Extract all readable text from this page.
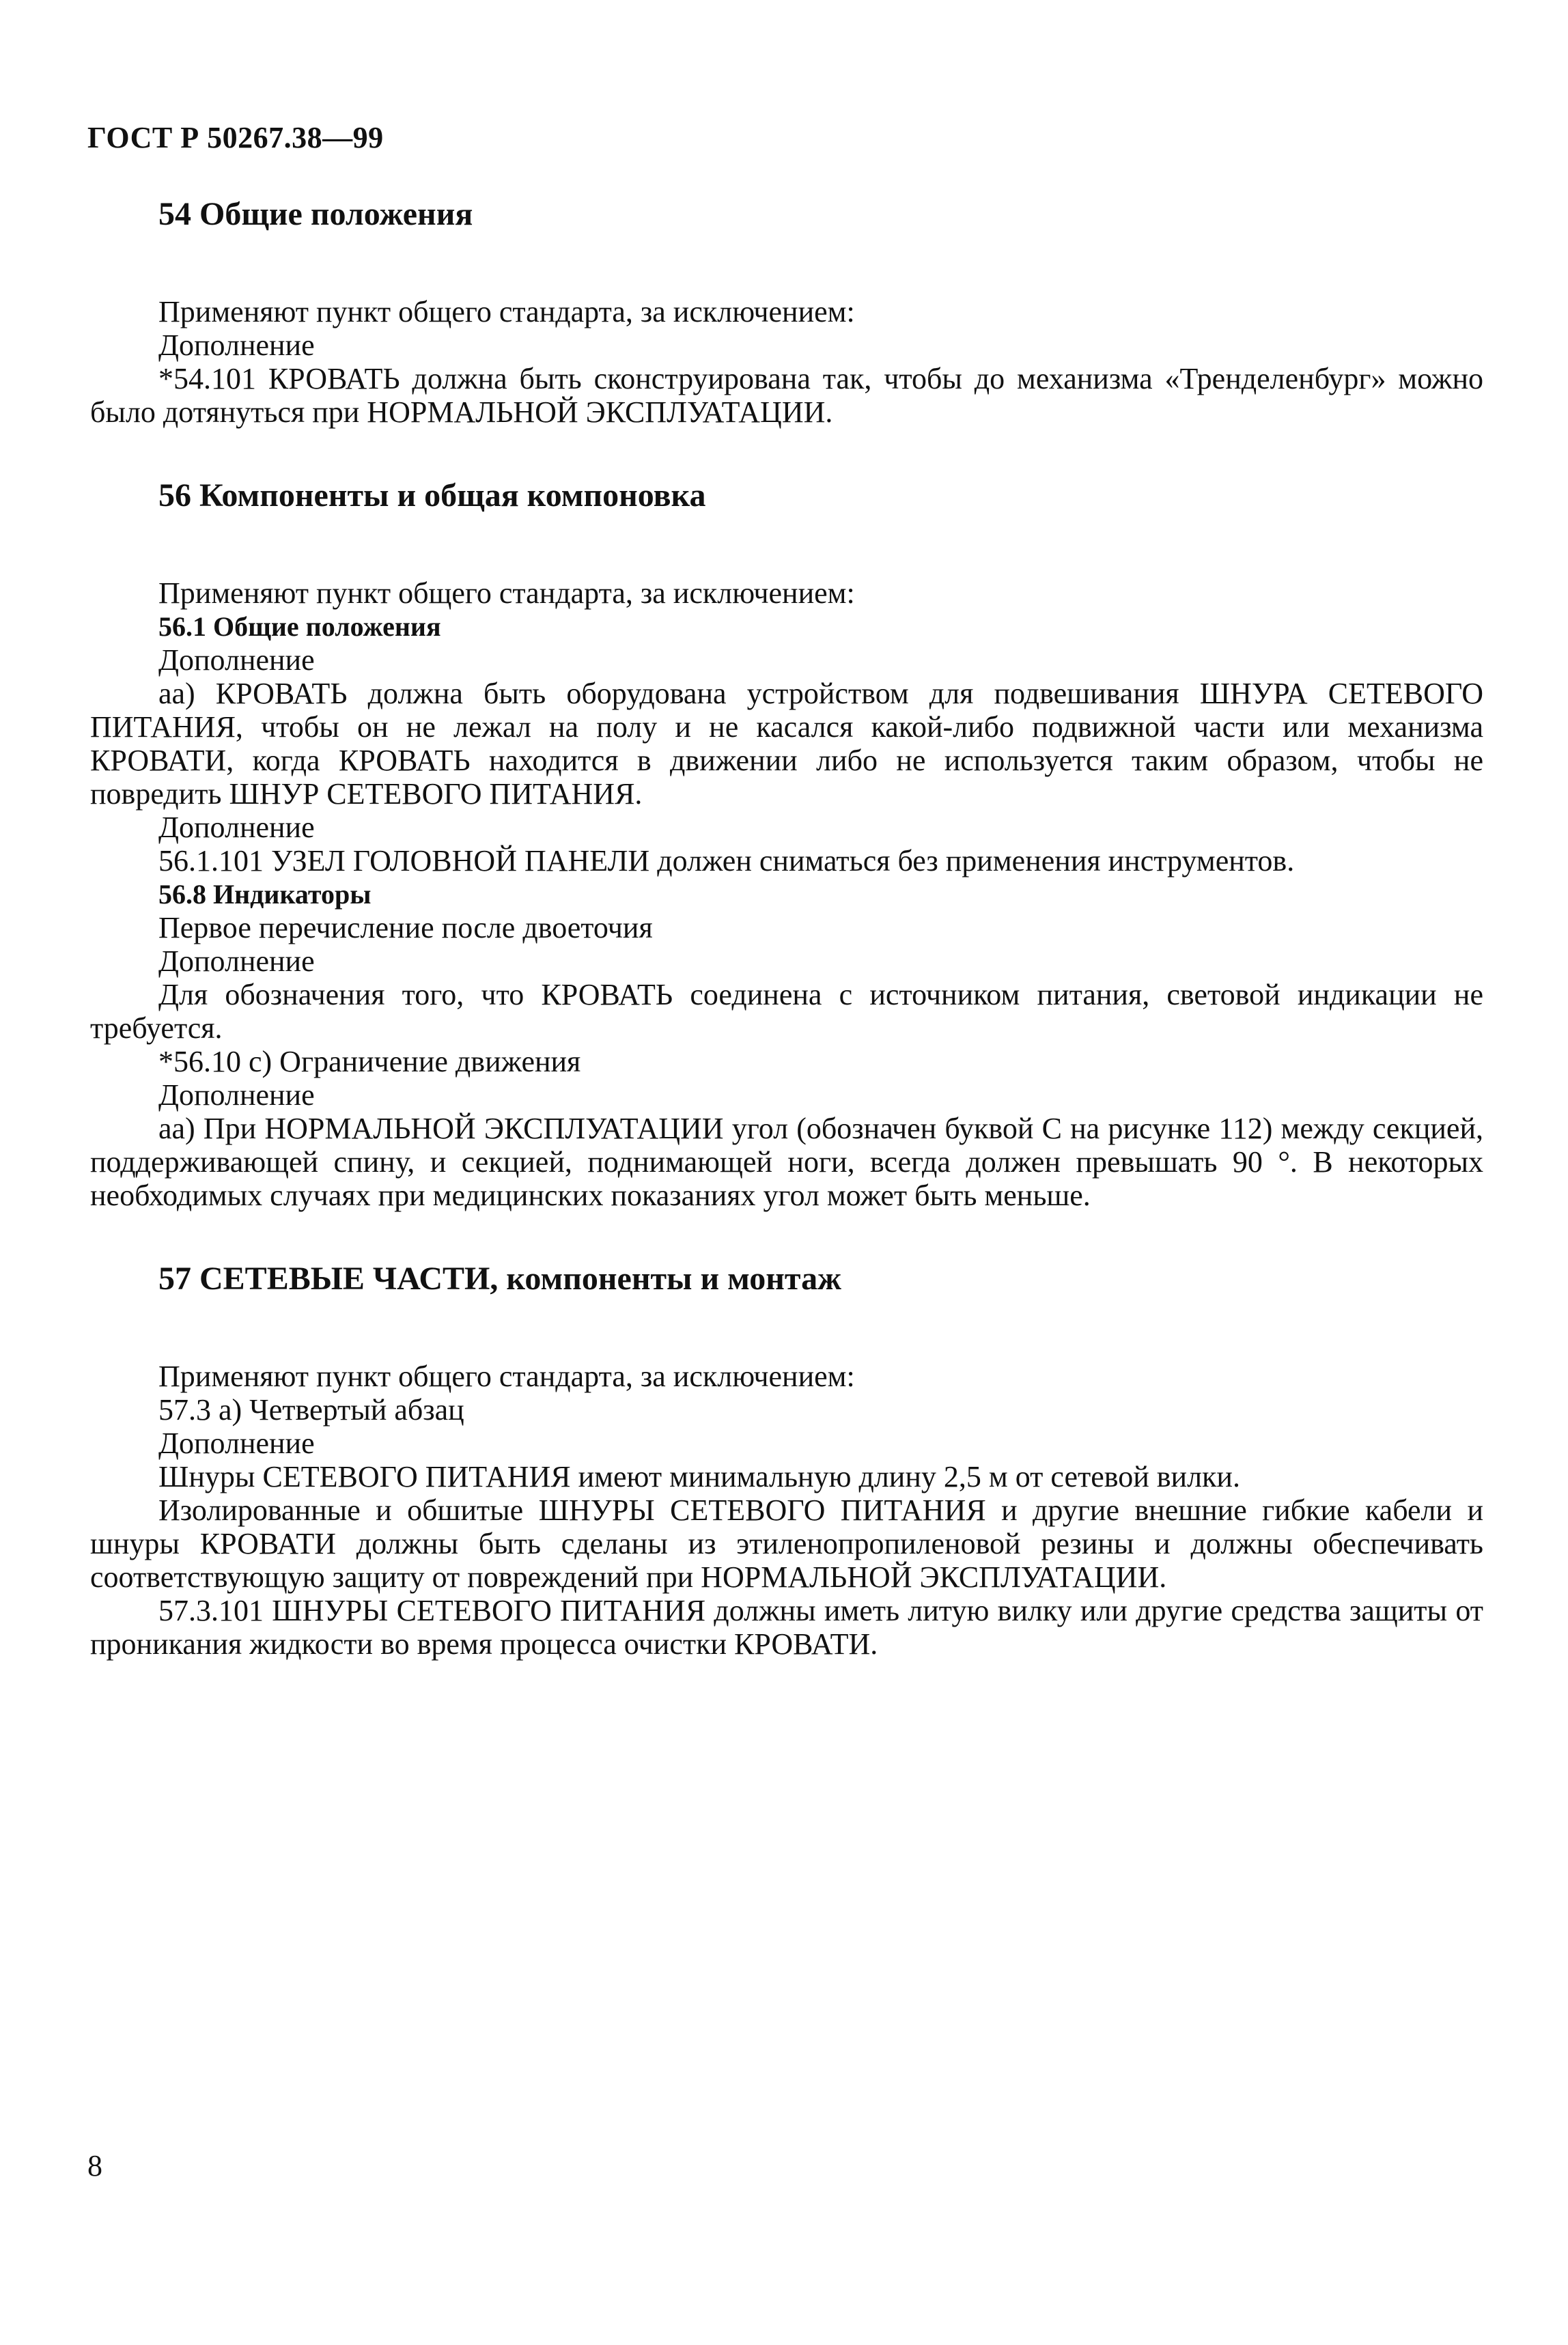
ГОСТ Р 50267.38—99
54 Общие положения

Применяют пункт общего стандарта, за исключением:

Дополнение

*54.101 КРОВАТЬ должна быть сконструирована так, чтобы до механизма «Тренделенбург» можно было дотянуться при НОРМАЛЬНОЙ ЭКСПЛУАТАЦИИ.

56 Компоненты и общая компоновка

Применяют пункт общего стандарта, за исключением:

56.1 Общие положения

Дополнение

аа) КРОВАТЬ должна быть оборудована устройством для подвешивания ШНУРА СЕТЕВОГО ПИТАНИЯ, чтобы он не лежал на полу и не касался какой-либо подвижной части или механизма КРОВАТИ, когда КРОВАТЬ находится в движении либо не используется таким образом, чтобы не повредить ШНУР СЕТЕВОГО ПИТАНИЯ.

Дополнение

56.1.101 УЗЕЛ ГОЛОВНОЙ ПАНЕЛИ должен сниматься без применения инструментов.

56.8 Индикаторы

Первое перечисление после двоеточия

Дополнение

Для обозначения того, что КРОВАТЬ соединена с источником питания, световой индикации не требуется.

*56.10 с) Ограничение движения

Дополнение

аа) При НОРМАЛЬНОЙ ЭКСПЛУАТАЦИИ угол (обозначен буквой С на рисунке 112) между секцией, поддерживающей спину, и секцией, поднимающей ноги, всегда должен превышать 90 °. В некоторых необходимых случаях при медицинских показаниях угол может быть меньше.

57 СЕТЕВЫЕ ЧАСТИ, компоненты и монтаж

Применяют пункт общего стандарта, за исключением:

57.3 а) Четвертый абзац

Дополнение

Шнуры СЕТЕВОГО ПИТАНИЯ имеют минимальную длину 2,5 м от сетевой вилки.

Изолированные и обшитые ШНУРЫ СЕТЕВОГО ПИТАНИЯ и другие внешние гибкие кабели и шнуры КРОВАТИ должны быть сделаны из этиленопропиленовой резины и должны обеспечивать соответствующую защиту от повреждений при НОРМАЛЬНОЙ ЭКСПЛУАТАЦИИ.

57.3.101 ШНУРЫ СЕТЕВОГО ПИТАНИЯ должны иметь литую вилку или другие средства защиты от проникания жидкости во время процесса очистки КРОВАТИ.

8
